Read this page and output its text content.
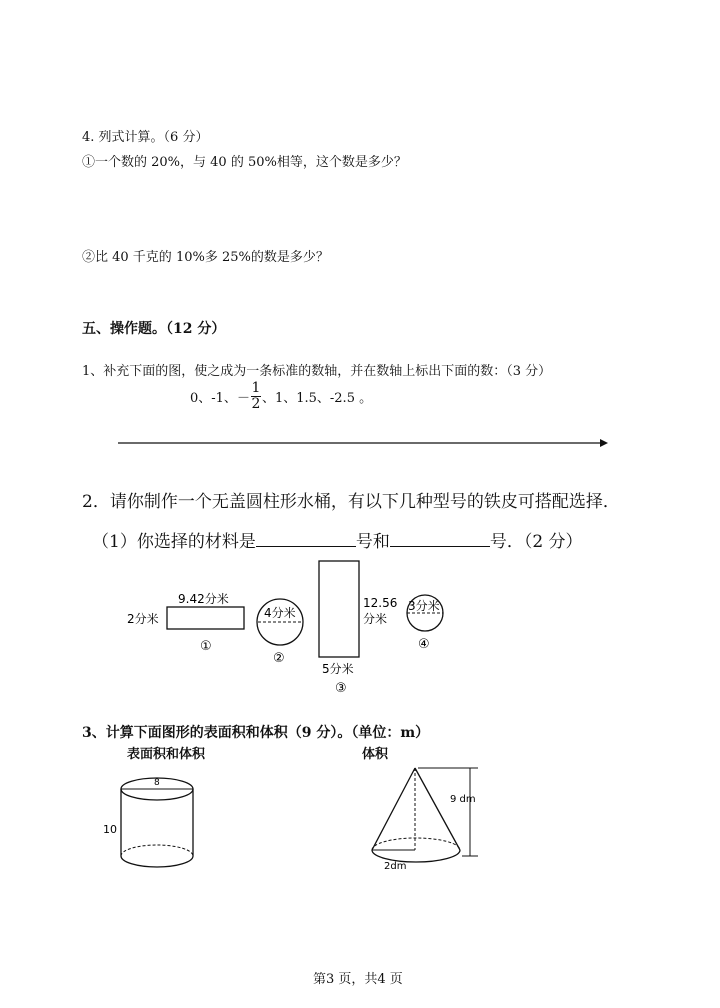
4. 列式计算。（6 分）
①一个数的 20%，与 40 的 50%相等，这个数是多少？
②比 40 千克的 10%多 25%的数是多少？
五、操作题。（12 分）
1、补充下面的图，使之成为一条标准的数轴，并在数轴上标出下面的数：（3 分）
0、-1、 － $\frac{1}{2}$ 、1、1.5、-2.5 。
2．请你制作一个无盖圆柱形水桶，有以下几种型号的铁皮可搭配选择．
（1）你选择的材料是	号和	号．（2 分）
9.42分米
2分米
①
4分米
②
12.56
分米
5分米
③
3分米
④
3、计算下面图形的表面积和体积（9 分）。（单位：m）
表面积和体积	体积
8
10
9 dm
2dm
第3 页，共4 页
